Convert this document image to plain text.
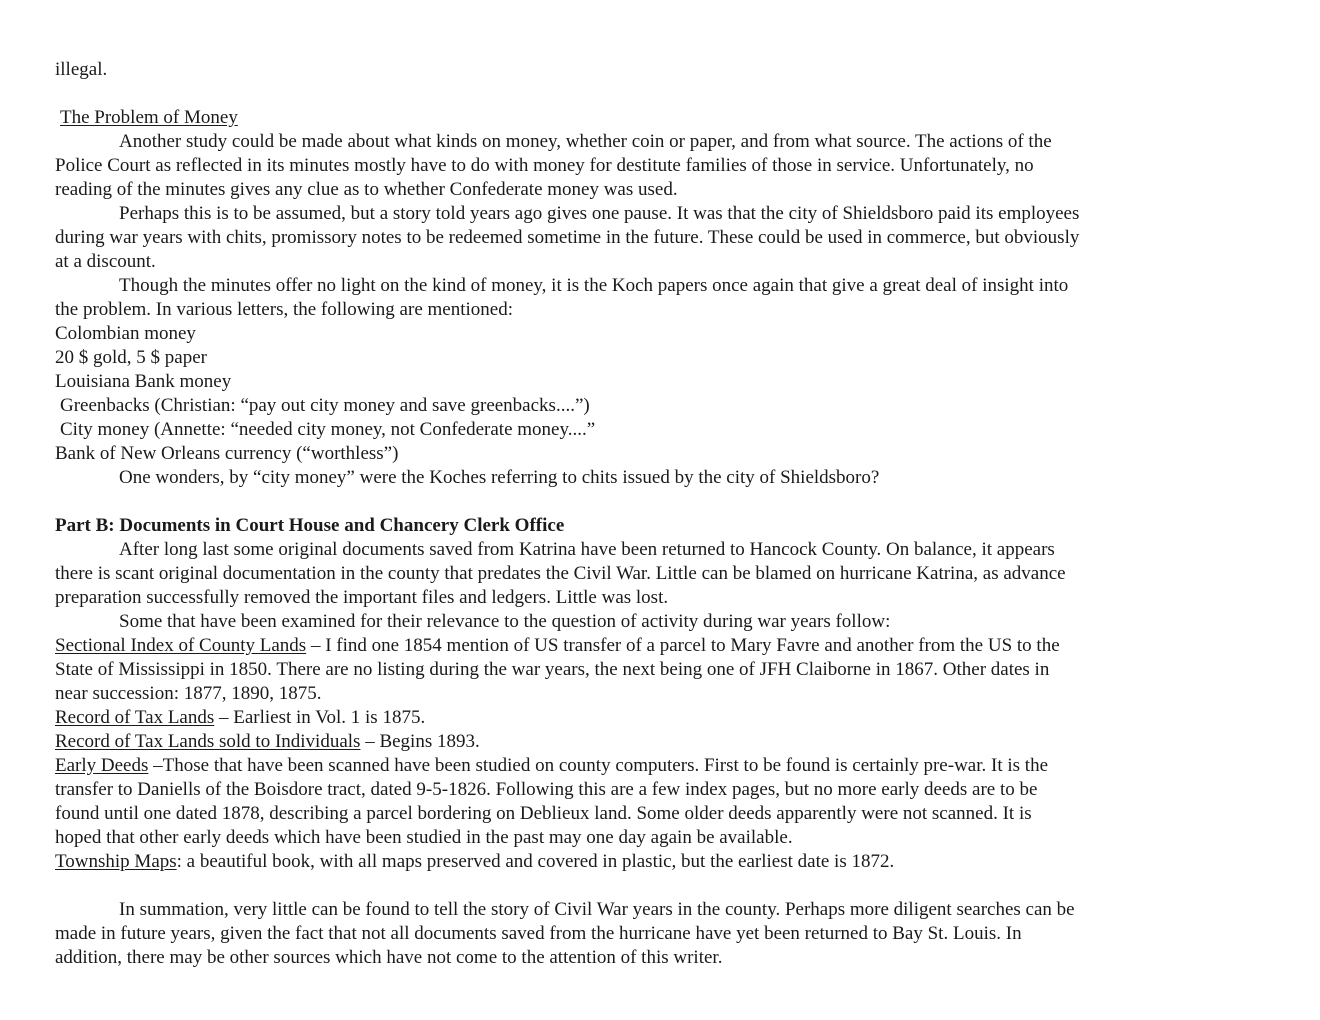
illegal.

The Problem of Money

Another study could be made about what kinds on money, whether coin or paper, and from what source. The actions of the

Police Court as reflected in its minutes mostly have to do with money for destitute families of those in service. Unfortunately, no

reading of the minutes gives any clue as to whether Confederate money was used.

Perhaps this is to be assumed, but a story told years ago gives one pause. It was that the city of Shieldsboro paid its employees

during war years with chits, promissory notes to be redeemed sometime in the future. These could be used in commerce, but obviously

at a discount.

Though the minutes offer no light on the kind of money, it is the Koch papers once again that give a great deal of insight into

the problem. In various letters, the following are mentioned:

Colombian money

20 $ gold, 5 $ paper

Louisiana Bank money

Greenbacks (Christian: “pay out city money and save greenbacks....”)

City money (Annette: “needed city money, not Confederate money....”

Bank of New Orleans currency (“worthless”)

One wonders, by “city money” were the Koches referring to chits issued by the city of Shieldsboro?

Part B: Documents in Court House and Chancery Clerk Office

After long last some original documents saved from Katrina have been returned to Hancock County. On balance, it appears

there is scant original documentation in the county that predates the Civil War. Little can be blamed on hurricane Katrina, as advance

preparation successfully removed the important files and ledgers. Little was lost.

Some that have been examined for their relevance to the question of activity during war years follow:

Sectional Index of County Lands – I find one 1854 mention of US transfer of a parcel to Mary Favre and another from the US to the

State of Mississippi in 1850. There are no listing during the war years, the next being one of JFH Claiborne in 1867. Other dates in

near succession: 1877, 1890, 1875.

Record of Tax Lands – Earliest in Vol. 1 is 1875.

Record of Tax Lands sold to Individuals – Begins 1893.

Early Deeds –Those that have been scanned have been studied on county computers. First to be found is certainly pre-war. It is the

transfer to Daniells of the Boisdore tract, dated 9-5-1826. Following this are a few index pages, but no more early deeds are to be

found until one dated 1878, describing a parcel bordering on Deblieux land. Some older deeds apparently were not scanned. It is

hoped that other early deeds which have been studied in the past may one day again be available.

Township Maps: a beautiful book, with all maps preserved and covered in plastic, but the earliest date is 1872.

In summation, very little can be found to tell the story of Civil War years in the county. Perhaps more diligent searches can be

made in future years, given the fact that not all documents saved from the hurricane have yet been returned to Bay St. Louis. In

addition, there may be other sources which have not come to the attention of this writer.
